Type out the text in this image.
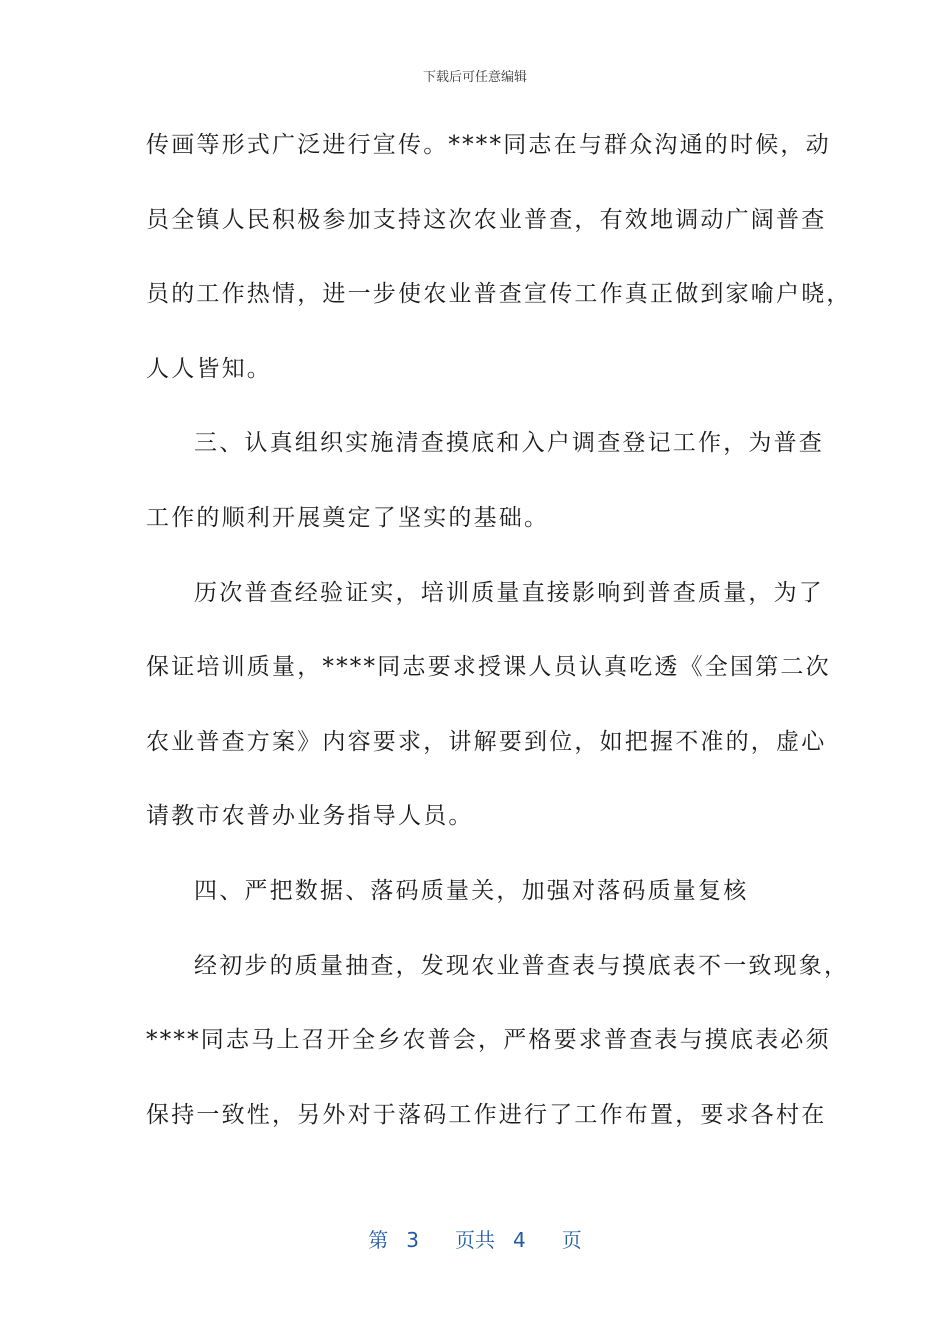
下载后可任意编辑
传画等形式广泛进行宣传。****同志在与群众沟通的时候，动
员全镇人民积极参加支持这次农业普查，有效地调动广阔普查
员的工作热情，进一步使农业普查宣传工作真正做到家喻户晓，
人人皆知。
三、认真组织实施清查摸底和入户调查登记工作，为普查
工作的顺利开展奠定了坚实的基础。
历次普查经验证实，培训质量直接影响到普查质量，为了
保证培训质量，****同志要求授课人员认真吃透《全国第二次
农业普查方案》内容要求，讲解要到位，如把握不准的，虚心
请教市农普办业务指导人员。
四、严把数据、落码质量关，加强对落码质量复核
经初步的质量抽查，发现农业普查表与摸底表不一致现象，
****同志马上召开全乡农普会，严格要求普查表与摸底表必须
保持一致性，另外对于落码工作进行了工作布置，要求各村在
第 3 页共 4 页
